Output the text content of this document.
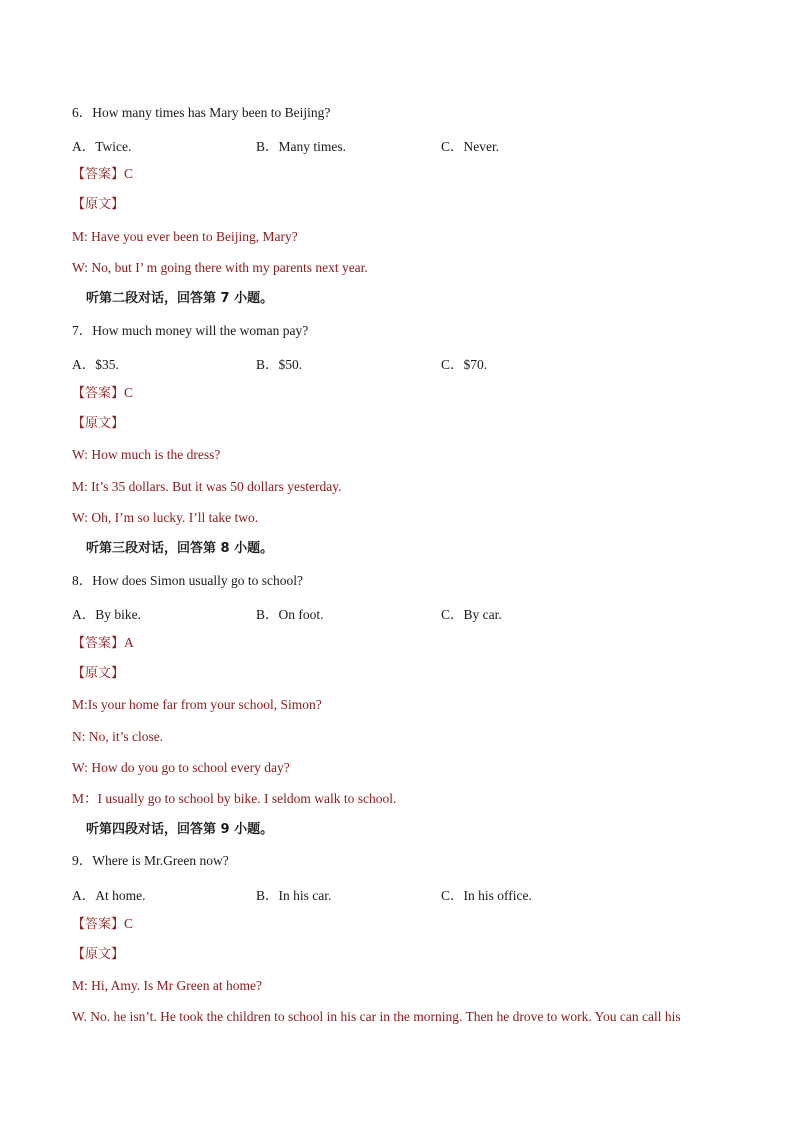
6．How many times has Mary been to Beijing?
A．Twice.	B．Many times.	C．Never.
【答案】C
【原文】
M: Have you ever been to Beijing, Mary?
W: No, but I’ m going there with my parents next year.
听第二段对话，回答第 7 小题。
7．How much money will the woman pay?
A．$35.	B．$50.	C．$70.
【答案】C
【原文】
W: How much is the dress?
M: It’s 35 dollars. But it was 50 dollars yesterday.
W: Oh, I’m so lucky. I’ll take two.
听第三段对话，回答第 8 小题。
8．How does Simon usually go to school?
A．By bike.	B．On foot.	C．By car.
【答案】A
【原文】
M:Is your home far from your school, Simon?
N: No, it’s close.
W: How do you go to school every day?
M：I usually go to school by bike. I seldom walk to school.
听第四段对话，回答第 9 小题。
9．Where is Mr.Green now?
A．At home.	B．In his car.	C．In his office.
【答案】C
【原文】
M: Hi, Amy. Is Mr Green at home?
W. No. he isn’t. He took the children to school in his car in the morning. Then he drove to work. You can call his
